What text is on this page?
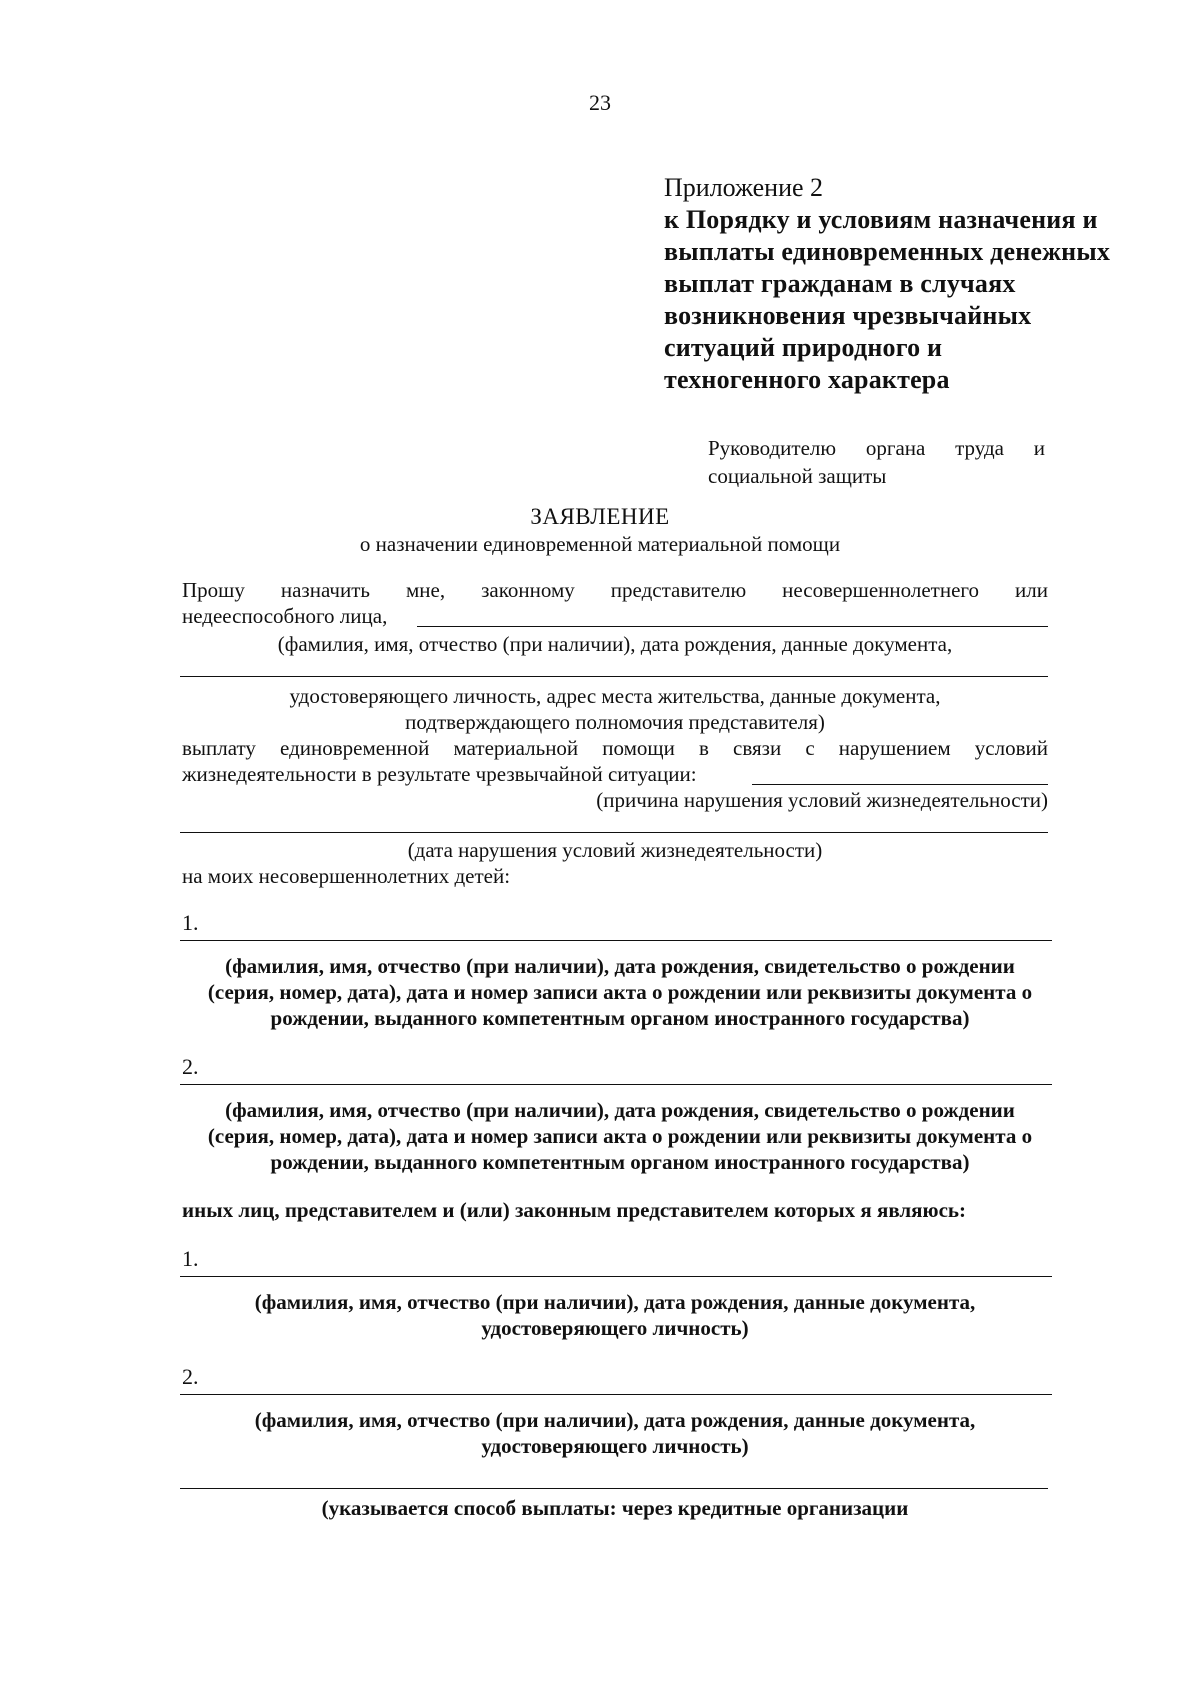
23
Приложение 2
к Порядку и условиям назначения и
выплаты единовременных денежных
выплат гражданам в случаях
возникновения чрезвычайных
ситуаций природного и
техногенного характера
Руководителю органа труда и
социальной защиты
ЗАЯВЛЕНИЕ
о назначении единовременной материальной помощи
Прошу назначить мне, законному представителю несовершеннолетнего или
недееспособного лица,
(фамилия, имя, отчество (при наличии), дата рождения, данные документа,
удостоверяющего личность, адрес места жительства, данные документа,
подтверждающего полномочия представителя)
выплату единовременной материальной помощи в связи с нарушением условий
жизнедеятельности в результате чрезвычайной ситуации:
(причина нарушения условий жизнедеятельности)
(дата нарушения условий жизнедеятельности)
на моих несовершеннолетних детей:
1.
(фамилия, имя, отчество (при наличии), дата рождения, свидетельство о рождении
(серия, номер, дата), дата и номер записи акта о рождении или реквизиты документа о
рождении, выданного компетентным органом иностранного государства)
2.
(фамилия, имя, отчество (при наличии), дата рождения, свидетельство о рождении
(серия, номер, дата), дата и номер записи акта о рождении или реквизиты документа о
рождении, выданного компетентным органом иностранного государства)
иных лиц, представителем и (или) законным представителем которых я являюсь:
1.
(фамилия, имя, отчество (при наличии), дата рождения, данные документа,
удостоверяющего личность)
2.
(фамилия, имя, отчество (при наличии), дата рождения, данные документа,
удостоверяющего личность)
(указывается способ выплаты: через кредитные организации
